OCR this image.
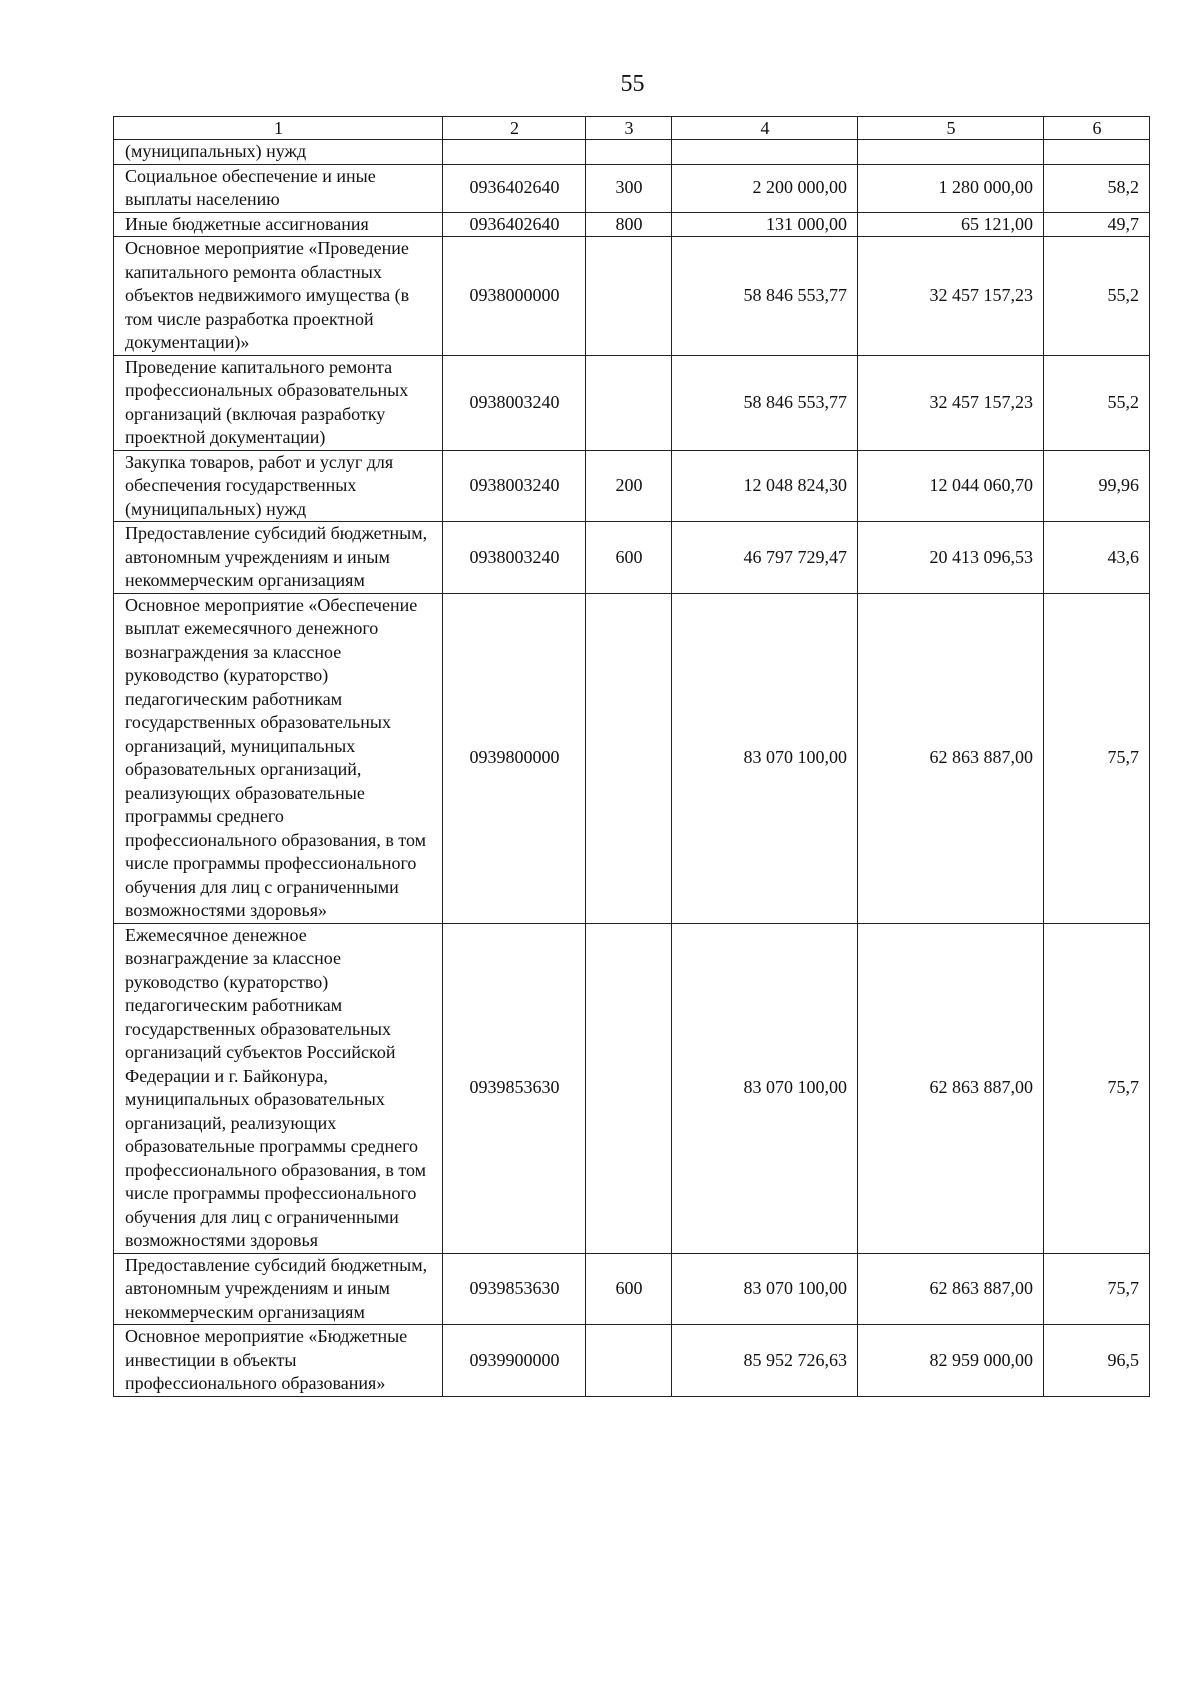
55
1	2	3	4	5	6
(муниципальных) нужд					
Социальное обеспечение и иные выплаты населению	0936402640	300	2 200 000,00	1 280 000,00	58,2
Иные бюджетные ассигнования	0936402640	800	131 000,00	65 121,00	49,7
Основное мероприятие «Проведение капитального ремонта областных объектов недвижимого имущества (в том числе разработка проектной документации)»	0938000000		58 846 553,77	32 457 157,23	55,2
Проведение капитального ремонта профессиональных образовательных организаций (включая разработку проектной документации)	0938003240		58 846 553,77	32 457 157,23	55,2
Закупка товаров, работ и услуг для обеспечения государственных (муниципальных) нужд	0938003240	200	12 048 824,30	12 044 060,70	99,96
Предоставление субсидий бюджетным, автономным учреждениям и иным некоммерческим организациям	0938003240	600	46 797 729,47	20 413 096,53	43,6
Основное мероприятие «Обеспечение выплат ежемесячного денежного вознаграждения за классное руководство (кураторство) педагогическим работникам государственных образовательных организаций, муниципальных образовательных организаций, реализующих образовательные программы среднего профессионального образования, в том числе программы профессионального обучения для лиц с ограниченными возможностями здоровья»	0939800000		83 070 100,00	62 863 887,00	75,7
Ежемесячное денежное вознаграждение за классное руководство (кураторство) педагогическим работникам государственных образовательных организаций субъектов Российской Федерации и г. Байконура, муниципальных образовательных организаций, реализующих образовательные программы среднего профессионального образования, в том числе программы профессионального обучения для лиц с ограниченными возможностями здоровья	0939853630		83 070 100,00	62 863 887,00	75,7
Предоставление субсидий бюджетным, автономным учреждениям и иным некоммерческим организациям	0939853630	600	83 070 100,00	62 863 887,00	75,7
Основное мероприятие «Бюджетные инвестиции в объекты профессионального образования»	0939900000		85 952 726,63	82 959 000,00	96,5
